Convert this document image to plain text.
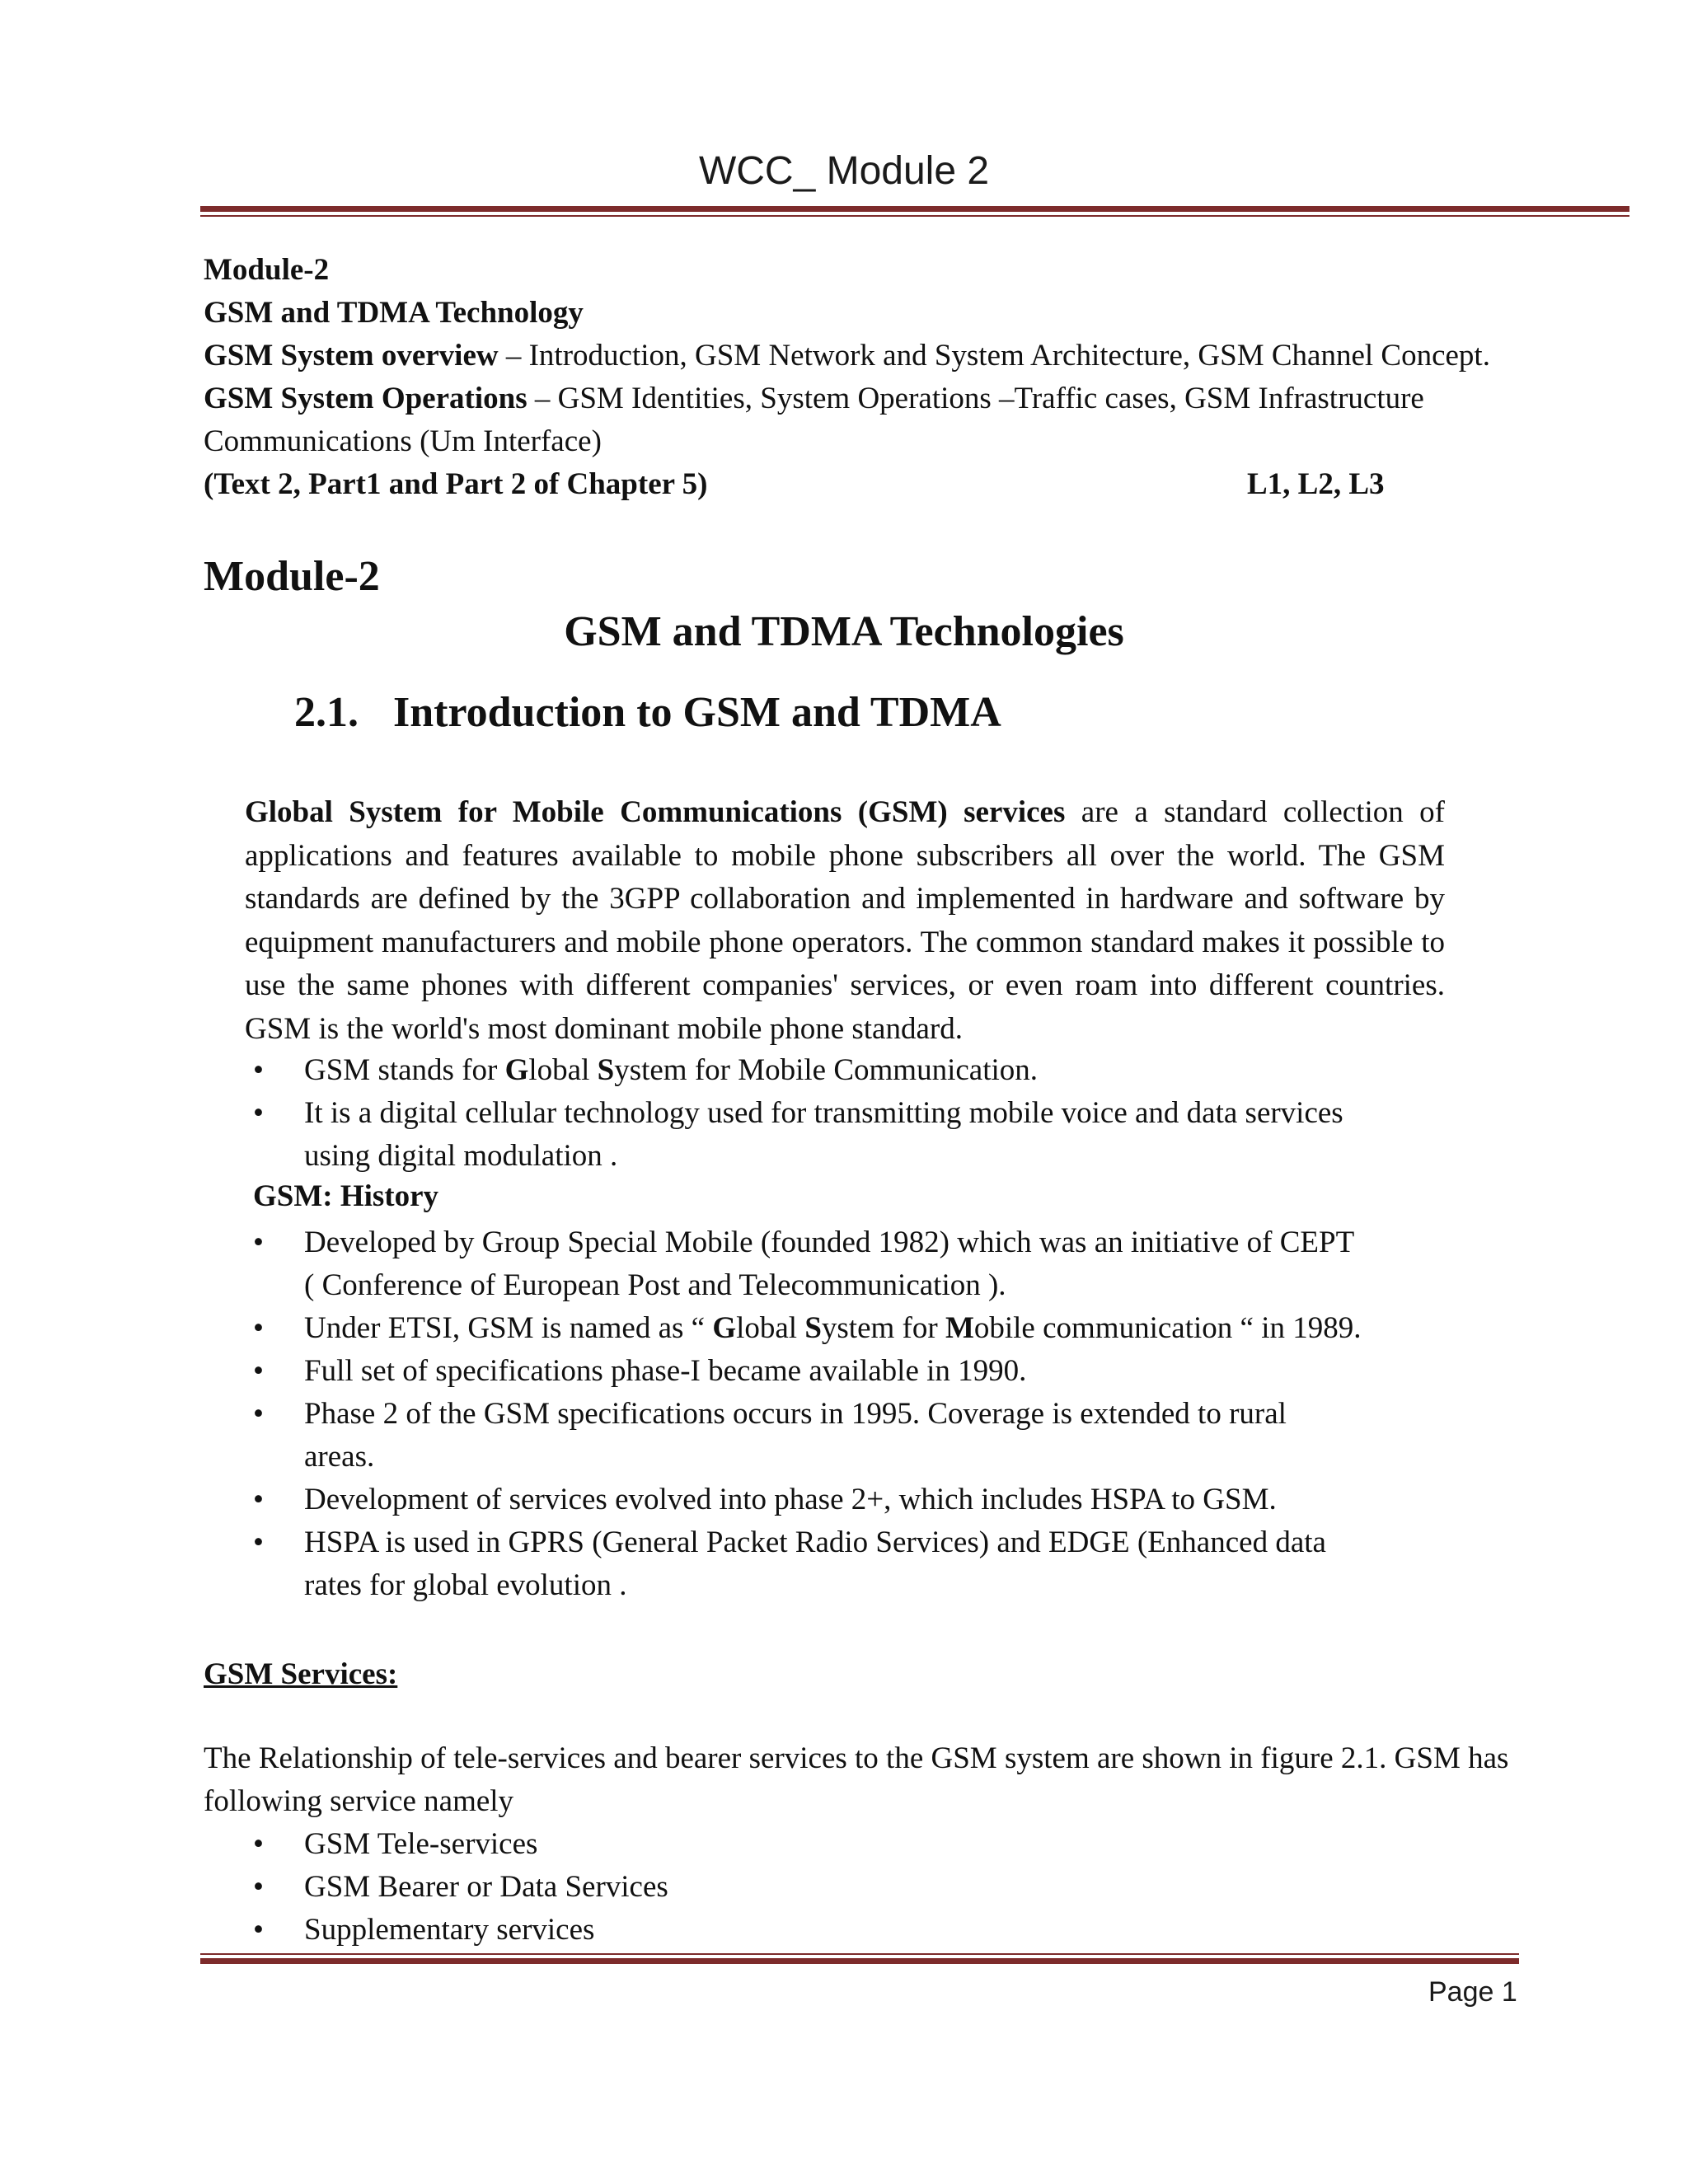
WCC_ Module 2
Module-2
GSM and TDMA Technology
GSM System overview – Introduction, GSM Network and System Architecture, GSM Channel Concept.
GSM System Operations – GSM Identities, System Operations –Traffic cases, GSM Infrastructure
Communications (Um Interface)
(Text 2, Part1 and Part 2 of Chapter 5)	L1, L2, L3
Module-2
GSM and TDMA Technologies
2.1. Introduction to GSM and TDMA
Global System for Mobile Communications (GSM) services are a standard collection of applications and features available to mobile phone subscribers all over the world. The GSM standards are defined by the 3GPP collaboration and implemented in hardware and software by equipment manufacturers and mobile phone operators. The common standard makes it possible to use the same phones with different companies' services, or even roam into different countries. GSM is the world's most dominant mobile phone standard.
• GSM stands for Global System for Mobile Communication.
• It is a digital cellular technology used for transmitting mobile voice and data services
using digital modulation .
GSM: History
• Developed by Group Special Mobile (founded 1982) which was an initiative of CEPT
( Conference of European Post and Telecommunication ).
• Under ETSI, GSM is named as “ Global System for Mobile communication “ in 1989.
• Full set of specifications phase-I became available in 1990.
• Phase 2 of the GSM specifications occurs in 1995. Coverage is extended to rural
areas.
• Development of services evolved into phase 2+, which includes HSPA to GSM.
• HSPA is used in GPRS (General Packet Radio Services) and EDGE (Enhanced data
rates for global evolution .
GSM Services:
The Relationship of tele-services and bearer services to the GSM system are shown in figure 2.1. GSM has
following service namely
• GSM Tele-services
• GSM Bearer or Data Services
• Supplementary services
Page 1
